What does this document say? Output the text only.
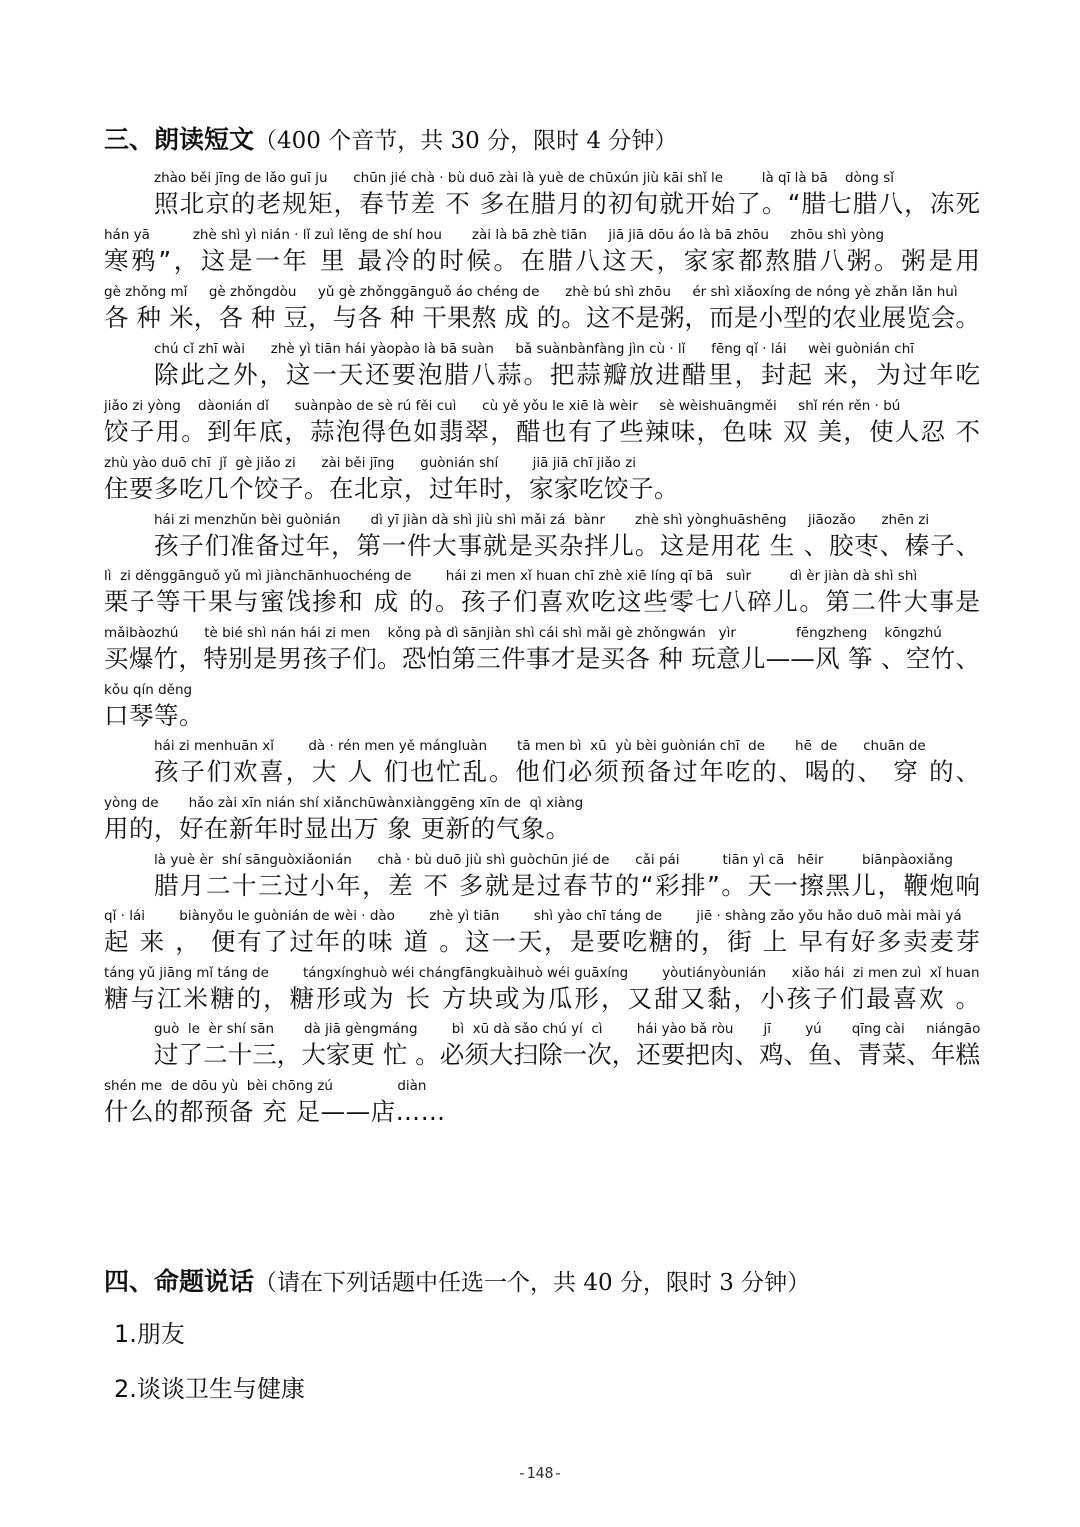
三、朗读短文（400 个音节，共 30 分，限时 4 分钟）
zhào běi jīng de lǎo guī ju      chūn jié chà · bù duō zài là yuè de chūxún jiù kāi shǐ le         là qī là bā    dòng sǐ
照北京的老规矩，春节差 不 多在腊月的初旬就开始了。“腊七腊八，冻死
hán yā          zhè shì yì nián · lǐ zuì lěng de shí hou       zài là bā zhè tiān     jiā jiā dōu áo là bā zhōu     zhōu shì yòng
寒鸦”，这是一年 里 最冷的时候。在腊八这天，家家都熬腊八粥。粥是用
gè zhǒng mǐ     gè zhǒngdòu     yǔ gè zhǒnggānguǒ áo chéng de      zhè bú shì zhōu     ér shì xiǎoxíng de nóng yè zhǎn lǎn huì
各 种 米，各 种 豆，与各 种 干果熬 成 的。这不是粥，而是小型的农业展览会。
chú cǐ zhī wài      zhè yì tiān hái yàopào là bā suàn     bǎ suànbànfàng jìn cù · lǐ      fēng qǐ · lái     wèi guònián chī
除此之外，这一天还要泡腊八蒜。把蒜瓣放进醋里，封起 来，为过年吃
jiǎo zi yòng    dàonián dǐ      suànpào de sè rú fěi cuì      cù yě yǒu le xiē là wèir     sè wèishuāngměi     shǐ rén rěn · bú
饺子用。到年底，蒜泡得色如翡翠，醋也有了些辣味，色味 双 美，使人忍 不
zhù yào duō chī  jǐ  gè jiǎo zi      zài běi jīng      guònián shí        jiā jiā chī jiǎo zi
住要多吃几个饺子。在北京，过年时，家家吃饺子。
hái zi menzhǔn bèi guònián       dì yī jiàn dà shì jiù shì mǎi zá  bànr       zhè shì yònghuāshēng     jiāozǎo      zhēn zi
孩子们准备过年，第一件大事就是买杂拌儿。这是用花 生 、胶枣、榛子、
lì  zi děnggānguǒ yǔ mì jiànchānhuochéng de        hái zi men xǐ huan chī zhè xiē líng qī bā   suìr         dì èr jiàn dà shì shì
栗子等干果与蜜饯掺和 成 的。孩子们喜欢吃这些零七八碎儿。第二件大事是
mǎibàozhú      tè bié shì nán hái zi men    kǒng pà dì sānjiàn shì cái shì mǎi gè zhǒngwán   yìr              fēngzheng    kōngzhú
买爆竹，特别是男孩子们。恐怕第三件事才是买各 种 玩意儿——风 筝 、空竹、
kǒu qín děng
口琴等。
hái zi menhuān xǐ        dà · rén men yě mángluàn       tā men bì  xū  yù bèi guònián chī  de       hē  de      chuān de
孩子们欢喜，大 人 们也忙乱。他们必须预备过年吃的、喝的、 穿 的、
yòng de       hǎo zài xīn nián shí xiǎnchūwànxiànggēng xīn de  qì xiàng
用的，好在新年时显出万 象 更新的气象。
là yuè èr  shí sānguòxiǎonián      chà · bù duō jiù shì guòchūn jié de      cǎi pái          tiān yì cā   hēir         biānpàoxiǎng
腊月二十三过小年，差 不 多就是过春节的“彩排”。天一擦黑儿，鞭炮响
qǐ · lái        biànyǒu le guònián de wèi · dào        zhè yì tiān        shì yào chī táng de        jiē · shàng zǎo yǒu hǎo duō mài mài yá
起 来 ， 便有了过年的味 道 。这一天，是要吃糖的，街 上 早有好多卖麦芽
táng yǔ jiāng mǐ táng de        tángxínghuò wéi chángfāngkuàihuò wéi guāxíng        yòutiányòunián      xiǎo hái  zi men zuì  xǐ huan
糖与江米糖的，糖形或为 长 方块或为瓜形，又甜又黏，小孩子们最喜欢 。
guò  le  èr shí sān       dà jiā gèngmáng        bì  xū dà sǎo chú yí  cì        hái yào bǎ ròu       jī        yú       qīng cài     niángāo
过了二十三，大家更 忙 。必须大扫除一次，还要把肉、鸡、鱼、青菜、年糕
shén me  de dōu yù  bèi chōng zú               diàn
什么的都预备 充 足——店……
四、命题说话（请在下列话题中任选一个，共 40 分，限时 3 分钟）
1.朋友
2.谈谈卫生与健康
-148-
